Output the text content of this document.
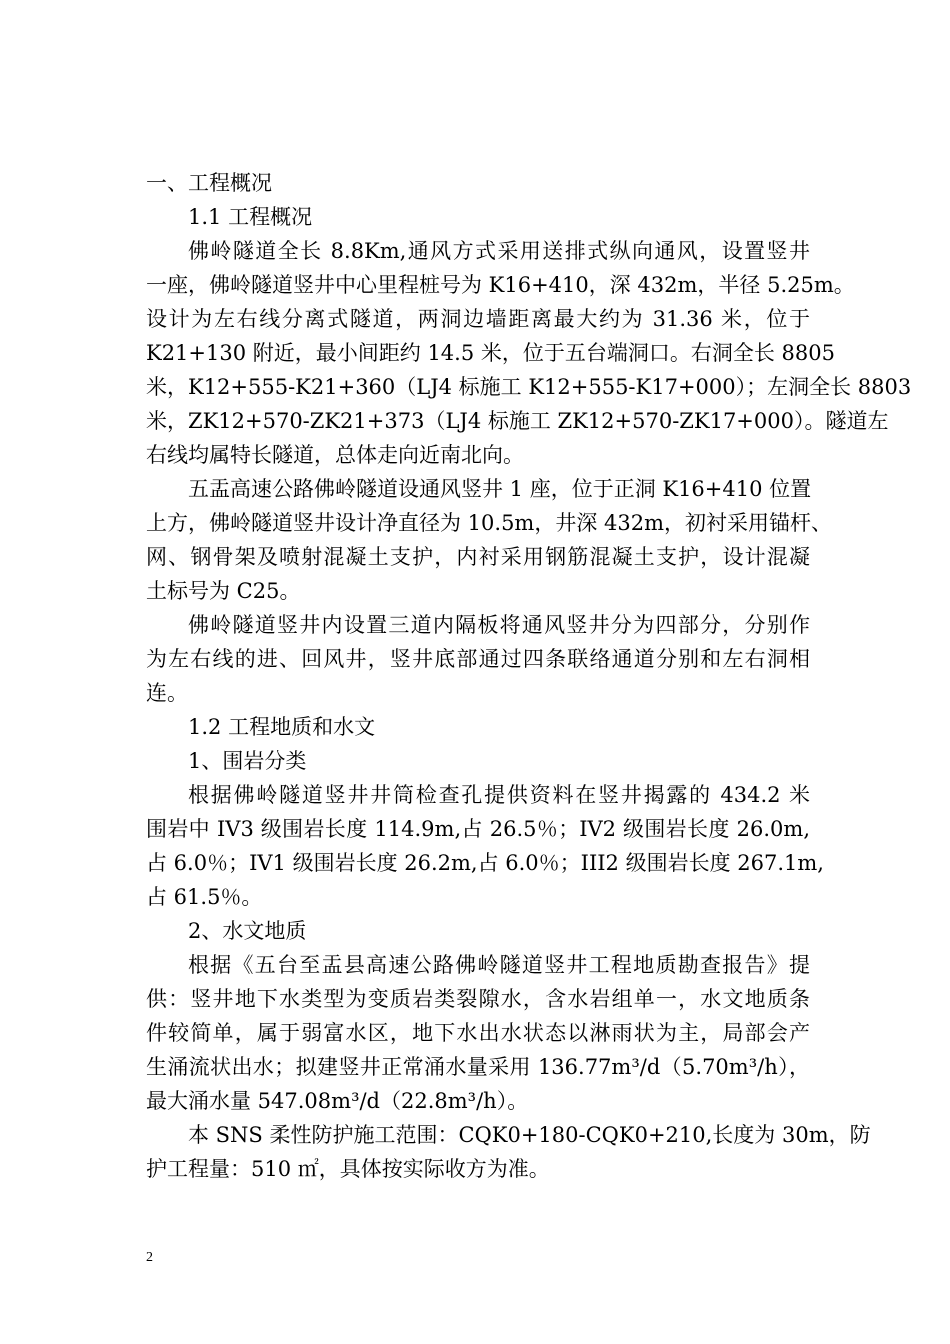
一、工程概况

1.1 工程概况

佛岭隧道全长 8.8Km,通风方式采用送排式纵向通风，设置竖井

一座，佛岭隧道竖井中心里程桩号为 K16+410，深 432m，半径 5.25m。

设计为左右线分离式隧道，两洞边墙距离最大约为 31.36 米，位于

K21+130 附近，最小间距约 14.5 米，位于五台端洞口。右洞全长 8805

米，K12+555-K21+360（LJ4 标施工 K12+555-K17+000）；左洞全长 8803

米，ZK12+570-ZK21+373（LJ4 标施工 ZK12+570-ZK17+000）。隧道左

右线均属特长隧道，总体走向近南北向。

五盂高速公路佛岭隧道设通风竖井 1 座，位于正洞 K16+410 位置

上方，佛岭隧道竖井设计净直径为 10.5m，井深 432m，初衬采用锚杆、

网、钢骨架及喷射混凝土支护，内衬采用钢筋混凝土支护，设计混凝

土标号为 C25。

佛岭隧道竖井内设置三道内隔板将通风竖井分为四部分，分别作

为左右线的进、回风井，竖井底部通过四条联络通道分别和左右洞相

连。

1.2 工程地质和水文

1、围岩分类

根据佛岭隧道竖井井筒检查孔提供资料在竖井揭露的 434.2 米

围岩中 IV3 级围岩长度 114.9m,占 26.5％；IV2 级围岩长度 26.0m,

占 6.0％；IV1 级围岩长度 26.2m,占 6.0％；III2 级围岩长度 267.1m,

占 61.5％。

2、水文地质

根据《五台至盂县高速公路佛岭隧道竖井工程地质勘查报告》提

供：竖井地下水类型为变质岩类裂隙水，含水岩组单一，水文地质条

件较简单，属于弱富水区，地下水出水状态以淋雨状为主，局部会产

生涌流状出水；拟建竖井正常涌水量采用 136.77m³/d（5.70m³/h），

最大涌水量 547.08m³/d（22.8m³/h）。

本 SNS 柔性防护施工范围：CQK0+180-CQK0+210,长度为 30m，防

护工程量：510 ㎡，具体按实际收方为准。

2
